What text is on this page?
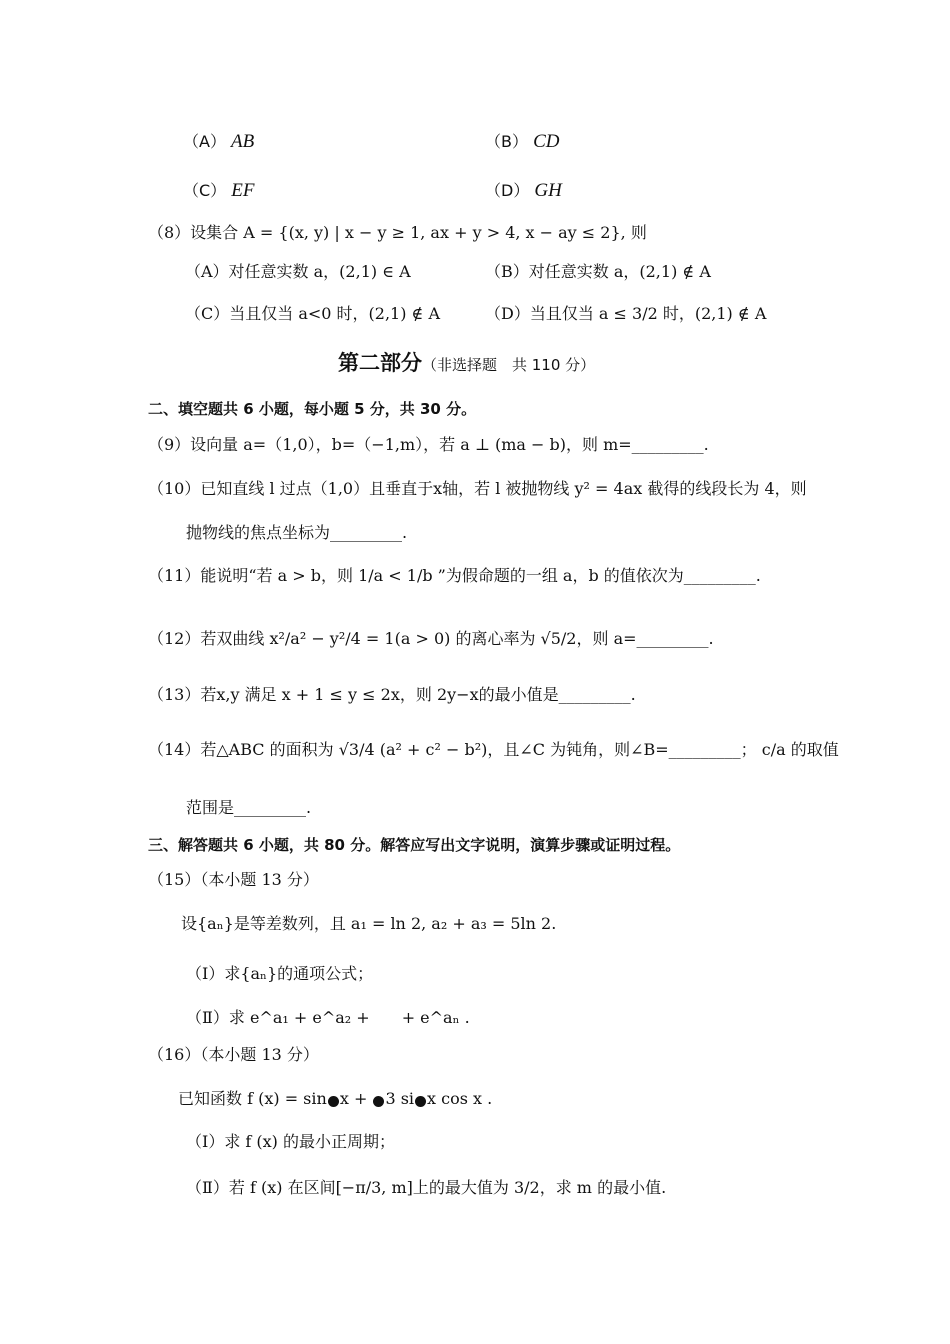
（A） AB	（B） CD
（C） EF	（D） GH
（8）设集合 A = {(x, y) | x − y ≥ 1, ax + y > 4, x − ay ≤ 2}, 则
（A）对任意实数 a，(2,1) ∈ A	（B）对任意实数 a，(2,1) ∉ A
（C）当且仅当 a<0 时，(2,1) ∉ A	（D）当且仅当 a ≤ 3/2 时，(2,1) ∉ A
第二部分（非选择题　共 110 分）
二、填空题共 6 小题，每小题 5 分，共 30 分。
（9）设向量 a=（1,0），b=（−1,m），若 a ⊥ (ma − b)，则 m=_________.
（10）已知直线 l 过点（1,0）且垂直于x轴，若 l 被抛物线 y² = 4ax 截得的线段长为 4，则
抛物线的焦点坐标为_________.
（11）能说明“若 a > b，则 1/a < 1/b ”为假命题的一组 a，b 的值依次为_________.
（12）若双曲线 x²/a² − y²/4 = 1(a > 0) 的离心率为 √5/2，则 a=_________.
（13）若x,y 满足 x + 1 ≤ y ≤ 2x，则 2y−x的最小值是_________.
（14）若△ABC 的面积为 √3/4 (a² + c² − b²)，且∠C 为钝角，则∠B=_________； c/a 的取值
范围是_________.
三、解答题共 6 小题，共 80 分。解答应写出文字说明，演算步骤或证明过程。
（15）（本小题 13 分）
设{aₙ}是等差数列，且 a₁ = ln 2, a₂ + a₃ = 5ln 2.
（Ⅰ）求{aₙ}的通项公式；
（Ⅱ）求 e^a₁ + e^a₂ +　　+ e^aₙ .
（16）（本小题 13 分）
已知函数 f (x) = sin x + 3 si x cos x .
（Ⅰ）求 f (x) 的最小正周期；
（Ⅱ）若 f (x) 在区间[−π/3, m]上的最大值为 3/2，求 m 的最小值.
